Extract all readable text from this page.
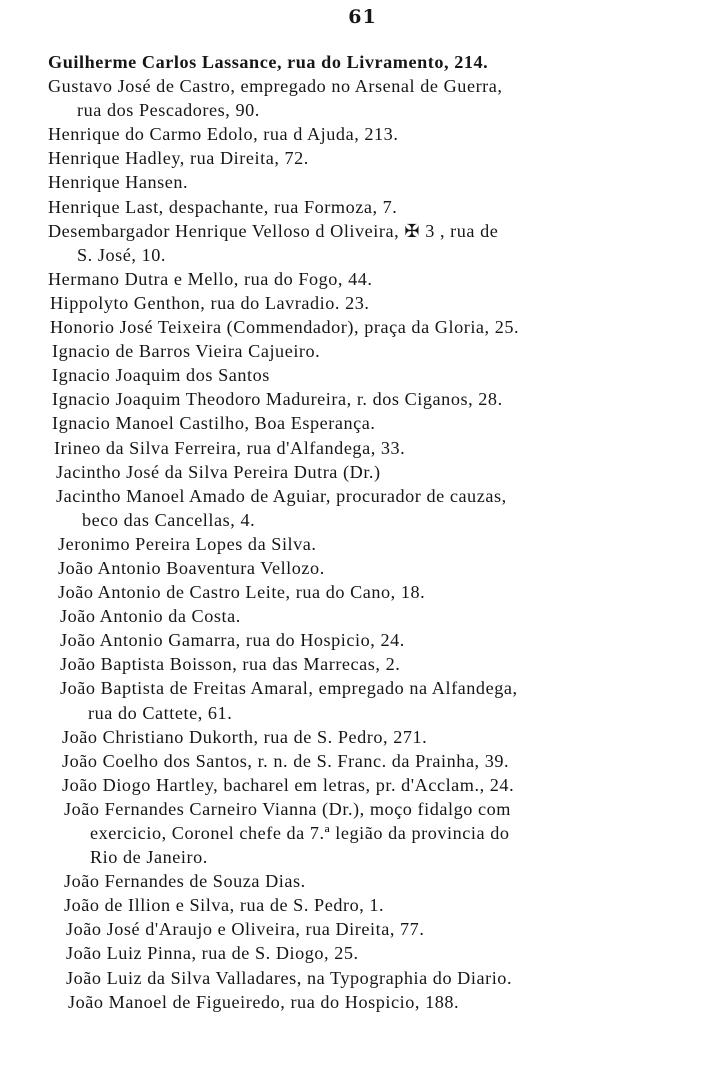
61
Guilherme Carlos Lassance, rua do Livramento, 214.
Gustavo José de Castro, empregado no Arsenal de Guerra,
rua dos Pescadores, 90.
Henrique do Carmo Edolo, rua d Ajuda, 213.
Henrique Hadley, rua Direita, 72.
Henrique Hansen.
Henrique Last, despachante, rua Formoza, 7.
Desembargador Henrique Velloso d Oliveira, ✠ 3 , rua de
S. José, 10.
Hermano Dutra e Mello, rua do Fogo, 44.
Hippolyto Genthon, rua do Lavradio. 23.
Honorio José Teixeira (Commendador), praça da Gloria, 25.
Ignacio de Barros Vieira Cajueiro.
Ignacio Joaquim dos Santos
Ignacio Joaquim Theodoro Madureira, r. dos Ciganos, 28.
Ignacio Manoel Castilho, Boa Esperança.
Irineo da Silva Ferreira, rua d'Alfandega, 33.
Jacintho José da Silva Pereira Dutra (Dr.)
Jacintho Manoel Amado de Aguiar, procurador de cauzas,
beco das Cancellas, 4.
Jeronimo Pereira Lopes da Silva.
João Antonio Boaventura Vellozo.
João Antonio de Castro Leite, rua do Cano, 18.
João Antonio da Costa.
João Antonio Gamarra, rua do Hospicio, 24.
João Baptista Boisson, rua das Marrecas, 2.
João Baptista de Freitas Amaral, empregado na Alfandega,
rua do Cattete, 61.
João Christiano Dukorth, rua de S. Pedro, 271.
João Coelho dos Santos, r. n. de S. Franc. da Prainha, 39.
João Diogo Hartley, bacharel em letras, pr. d'Acclam., 24.
João Fernandes Carneiro Vianna (Dr.), moço fidalgo com
exercicio, Coronel chefe da 7.ª legião da provincia do
Rio de Janeiro.
João Fernandes de Souza Dias.
João de Illion e Silva, rua de S. Pedro, 1.
João José d'Araujo e Oliveira, rua Direita, 77.
João Luiz Pinna, rua de S. Diogo, 25.
João Luiz da Silva Valladares, na Typographia do Diario.
João Manoel de Figueiredo, rua do Hospicio, 188.
